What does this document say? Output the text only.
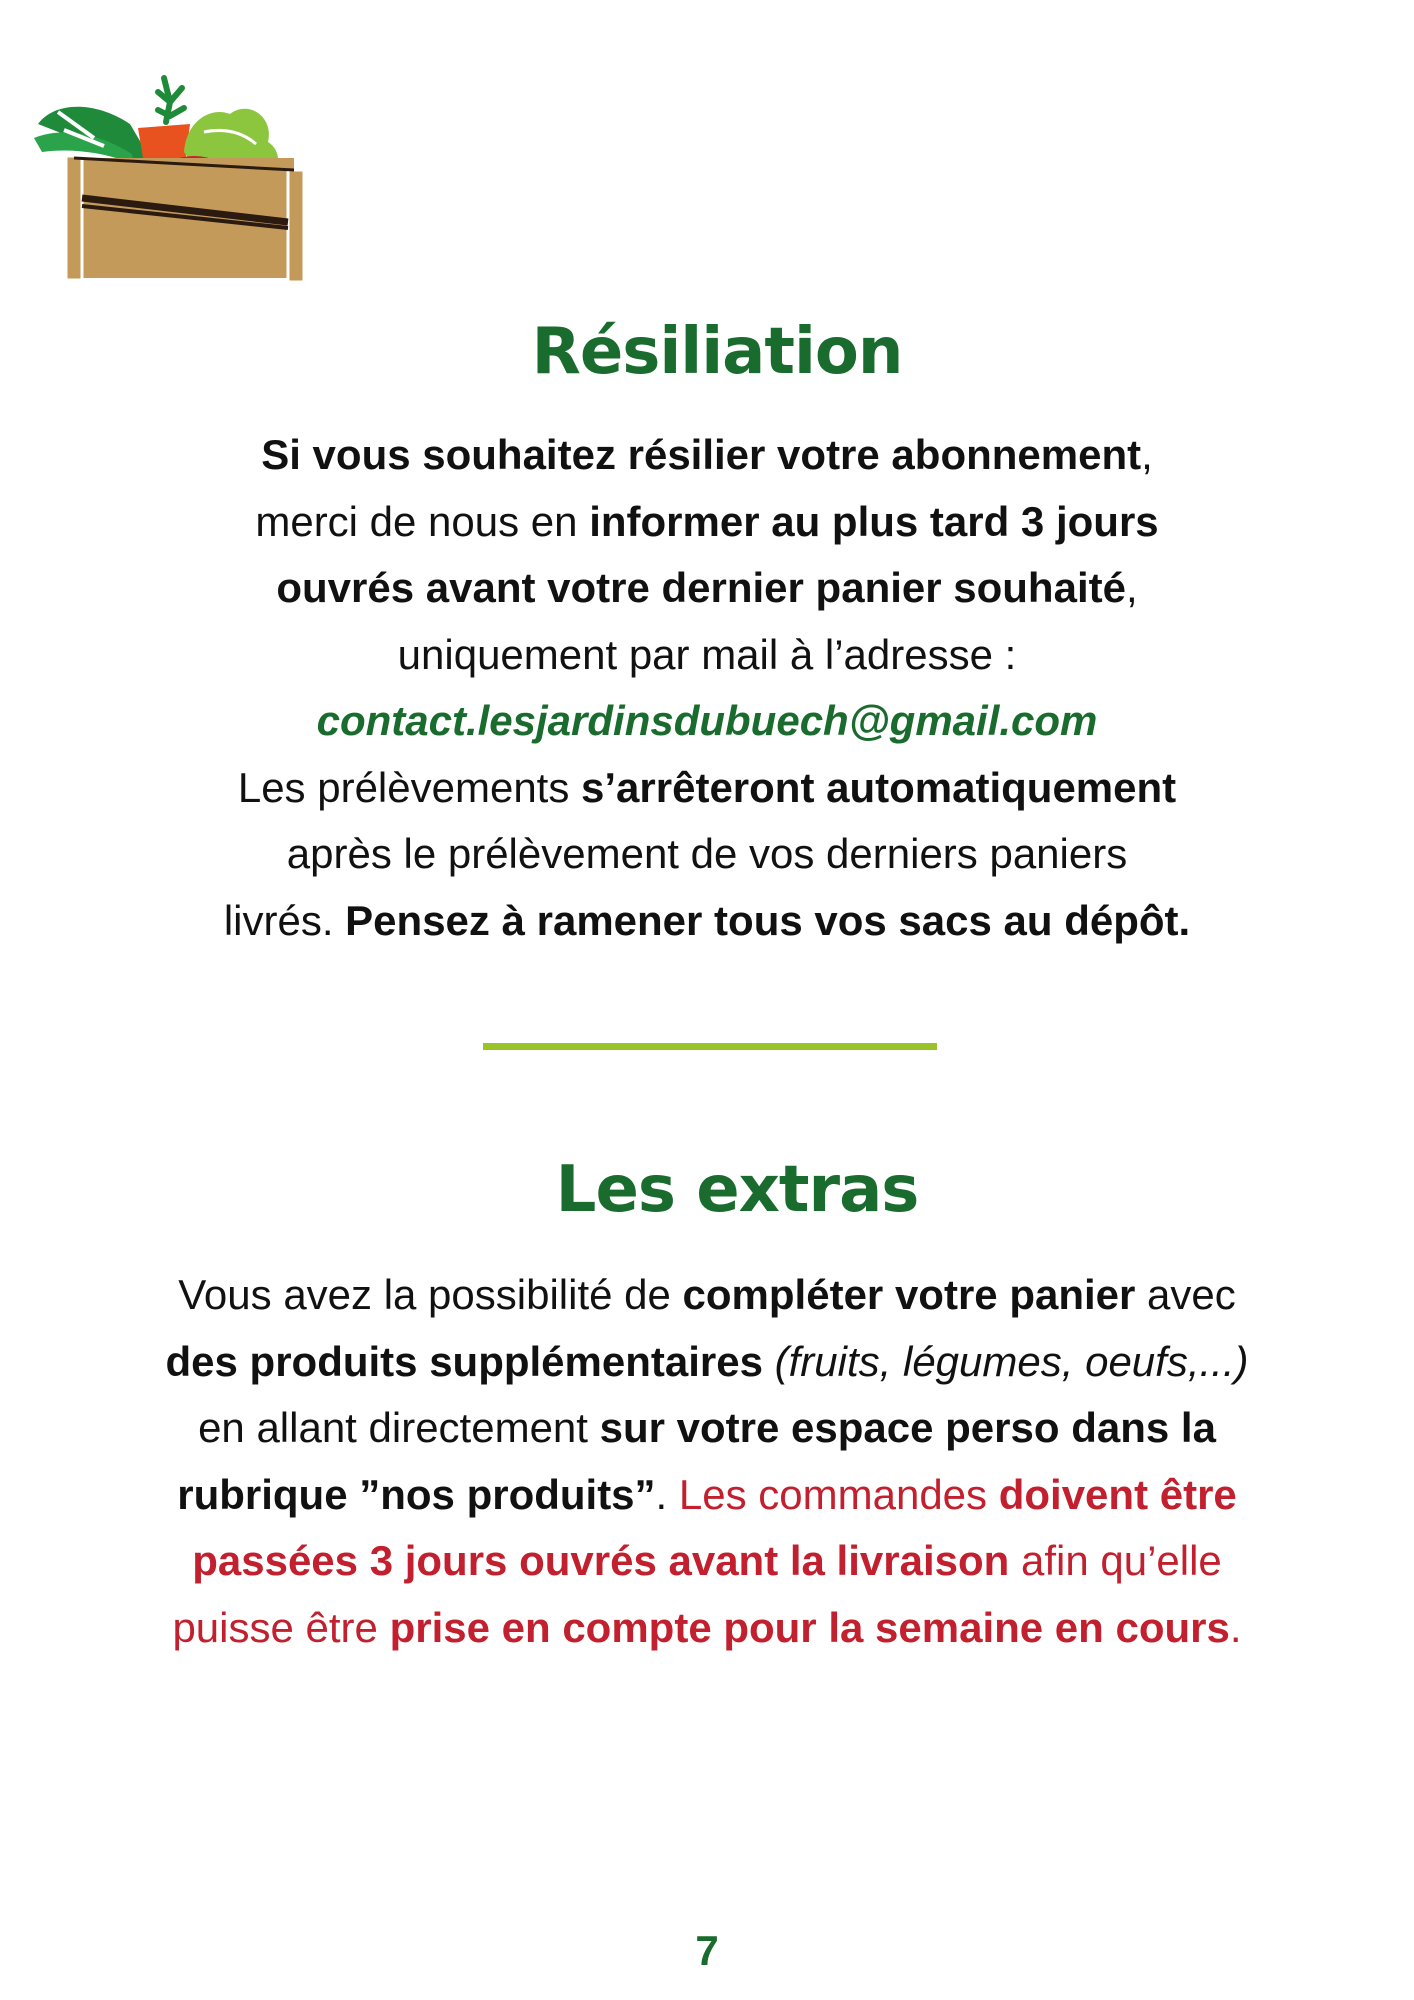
Résiliation
Si vous souhaitez résilier votre abonnement,
merci de nous en informer au plus tard 3 jours
ouvrés avant votre dernier panier souhaité,
uniquement par mail à l’adresse :
contact.lesjardinsdubuech@gmail.com
Les prélèvements s’arrêteront automatiquement
après le prélèvement de vos derniers paniers
livrés. Pensez à ramener tous vos sacs au dépôt.
Les extras
Vous avez la possibilité de compléter votre panier avec
des produits supplémentaires (fruits, légumes, oeufs,...)
en allant directement sur votre espace perso dans la
rubrique ”nos produits”. Les commandes doivent être
passées 3 jours ouvrés avant la livraison afin qu’elle
puisse être prise en compte pour la semaine en cours.
7
